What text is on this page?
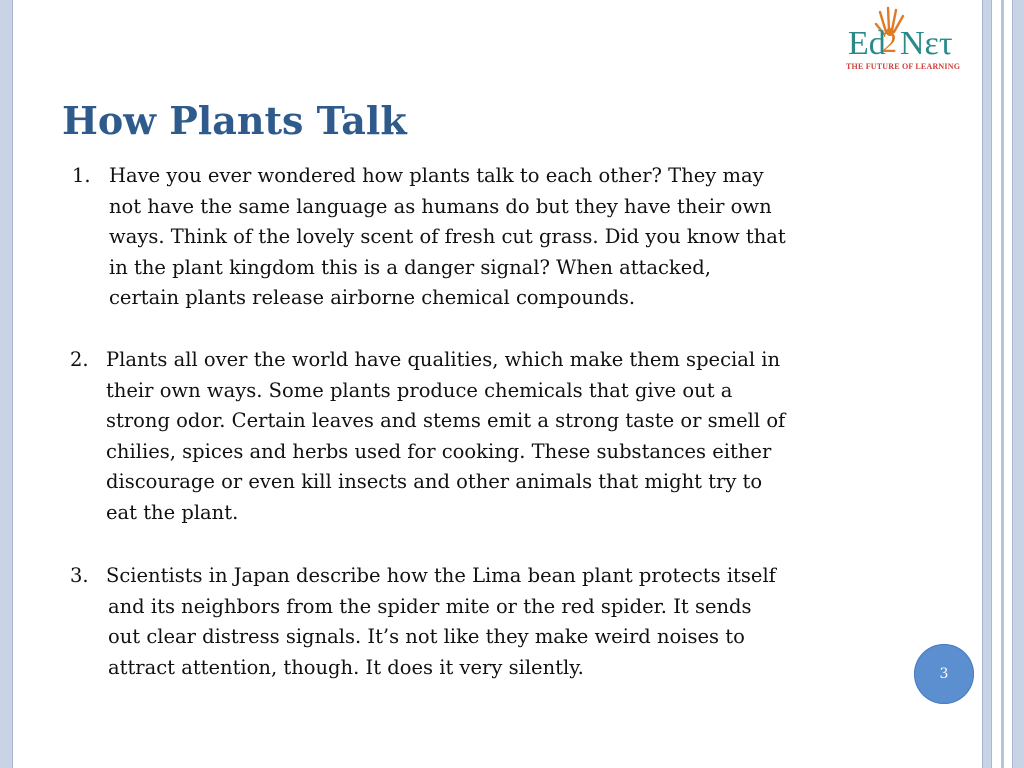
Ed
2 Nετ
THE FUTURE OF LEARNING
How Plants Talk
1. Have you ever wondered how plants talk to each other? They may
not have the same language as humans do but they have their own
ways. Think of the lovely scent of fresh cut grass. Did you know that
in the plant kingdom this is a danger signal? When attacked,
certain plants release airborne chemical compounds.
2. Plants all over the world have qualities, which make them special in
their own ways. Some plants produce chemicals that give out a
strong odor. Certain leaves and stems emit a strong taste or smell of
chilies, spices and herbs used for cooking. These substances either
discourage or even kill insects and other animals that might try to
eat the plant.
3. Scientists in Japan describe how the Lima bean plant protects itself
and its neighbors from the spider mite or the red spider. It sends
out clear distress signals. It’s not like they make weird noises to
attract attention, though. It does it very silently.	3
